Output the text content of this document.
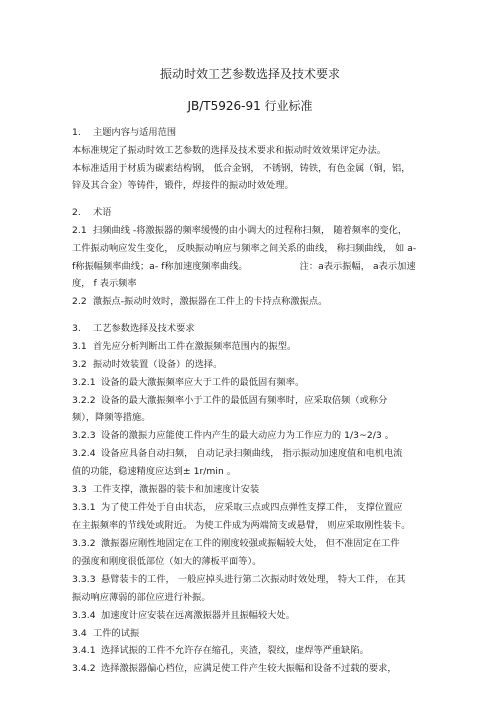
振动时效工艺参数选择及技术要求
JB/T5926-91 行业标准
1. 主题内容与适用范围
本标准规定了振动时效工艺参数的选择及技术要求和振动时效效果评定办法。
本标准适用于材质为碳素结构钢， 低合金钢， 不锈钢，铸铁，有色金属（铜，铝，
锌及其合金）等铸件，锻件，焊接件的振动时效处理。
2. 术语
2.1 扫频曲线 -将激振器的频率缓慢的由小调大的过程称扫频， 随着频率的变化，
工件振动响应发生变化， 反映振动响应与频率之间关系的曲线， 称扫频曲线， 如 a-
f称振幅频率曲线；a- f称加速度频率曲线。	注：a表示振幅， a表示加速
度， f 表示频率
2.2 激振点-振动时效时，激振器在工件上的卡持点称激振点。
3. 工艺参数选择及技术要求
3.1 首先应分析判断出工件在激振频率范围内的振型。
3.2 振动时效装置（设备）的选择。
3.2.1 设备的最大激振频率应大于工件的最低固有频率。
3.2.2 设备的最大激振频率小于工件的最低固有频率时，应采取倍频（或称分
频），降频等措施。
3.2.3 设备的激振力应能使工件内产生的最大动应力为工作应力的 1/3~2/3 。
3.2.4 设备应具备自动扫频， 自动记录扫频曲线， 指示振动加速度值和电机电流
值的功能，稳速精度应达到± 1r/min 。
3.3 工件支撑，激振器的装卡和加速度计安装
3.3.1 为了使工件处于自由状态， 应采取三点或四点弹性支撑工件， 支撑位置应
在主振频率的节线处或附近。 为使工件成为两端简支或悬臂， 则应采取刚性装卡。
3.3.2 激振器应刚性地固定在工件的刚度较强或振幅较大处， 但不准固定在工件
的强度和刚度很低部位（如大的薄板平面等）。
3.3.3 悬臂装卡的工件， 一般应掉头进行第二次振动时效处理， 特大工件， 在其
振动响应薄弱的部位应进行补振。
3.3.4 加速度计应安装在远离激振器并且振幅较大处。
3.4 工件的试振
3.4.1 选择试振的工件不允许存在缩孔，夹渣，裂纹，虚焊等严重缺陷。
3.4.2 选择激振器偏心档位，应满足使工件产生较大振幅和设备不过载的要求，
